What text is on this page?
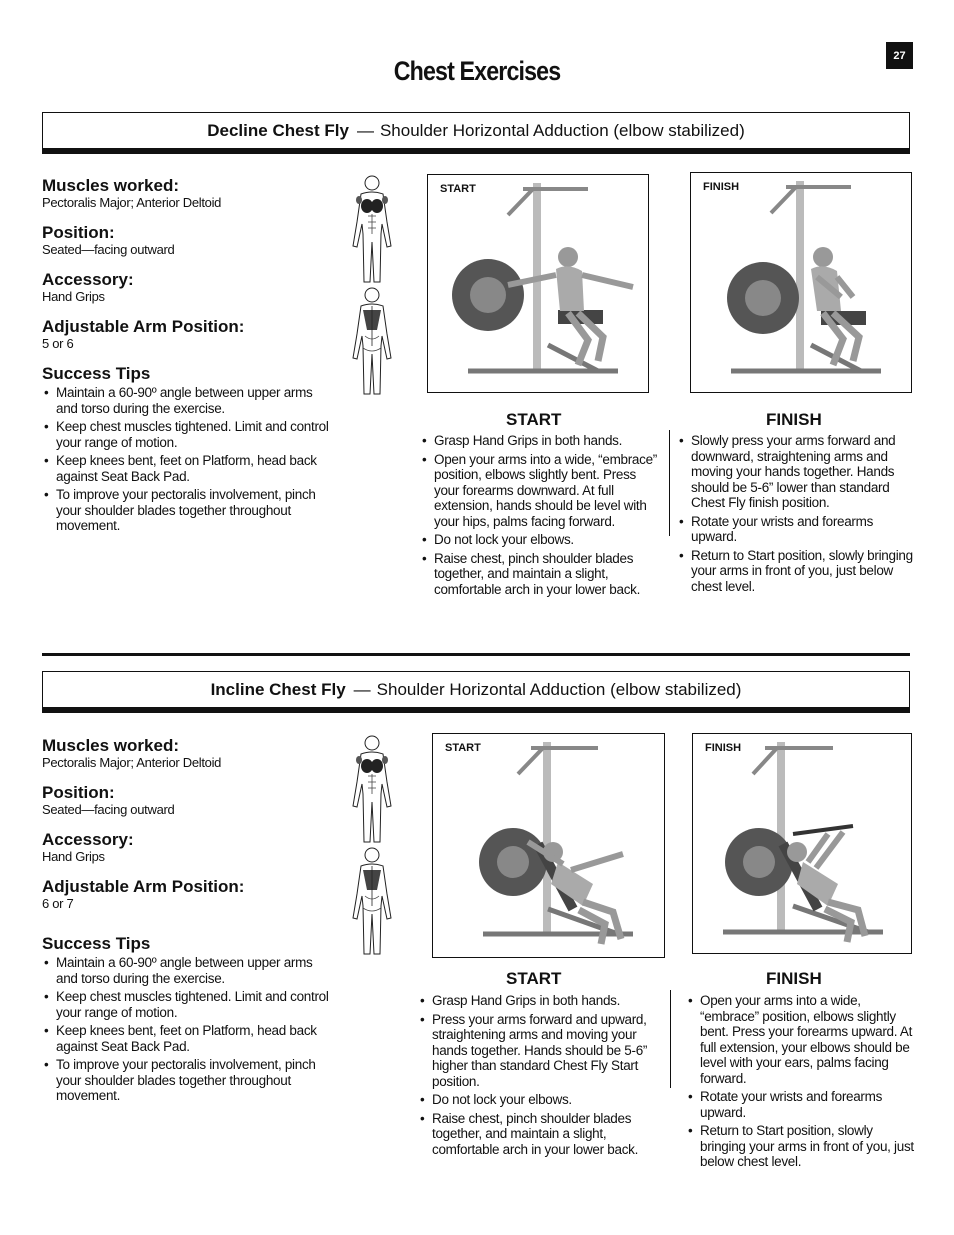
27
Chest Exercises
Decline Chest Fly — Shoulder Horizontal Adduction (elbow stabilized)
Muscles worked:
Pectoralis Major; Anterior Deltoid
Position:
Seated—facing outward
Accessory:
Hand Grips
Adjustable Arm Position:
5 or 6
Success Tips
• Maintain a 60-90º angle between upper arms and torso during the exercise.
• Keep chest muscles tightened. Limit and control your range of motion.
• Keep knees bent, feet on Platform, head back against Seat Back Pad.
• To improve your pectoralis involvement, pinch your shoulder blades together throughout movement.
START	FINISH
START	FINISH
• Grasp Hand Grips in both hands.
• Open your arms into a wide, “embrace” position, elbows slightly bent. Press your forearms downward. At full extension, hands should be level with your hips, palms facing forward.
• Do not lock your elbows.
• Raise chest, pinch shoulder blades together, and maintain a slight, comfortable arch in your lower back.
• Slowly press your arms forward and downward, straightening arms and moving your hands together. Hands should be 5-6” lower than standard Chest Fly finish position.
• Rotate your wrists and forearms upward.
• Return to Start position, slowly bringing your arms in front of you, just below chest level.
Incline Chest Fly — Shoulder Horizontal Adduction (elbow stabilized)
Muscles worked:
Pectoralis Major; Anterior Deltoid
Position:
Seated—facing outward
Accessory:
Hand Grips
Adjustable Arm Position:
6 or 7
Success Tips
• Maintain a 60-90º angle between upper arms and torso during the exercise.
• Keep chest muscles tightened. Limit and control your range of motion.
• Keep knees bent, feet on Platform, head back against Seat Back Pad.
• To improve your pectoralis involvement, pinch your shoulder blades together throughout movement.
START	FINISH
START	FINISH
• Grasp Hand Grips in both hands.
• Press your arms forward and upward, straightening arms and moving your hands together. Hands should be 5-6” higher than standard Chest Fly Start position.
• Do not lock your elbows.
• Raise chest, pinch shoulder blades together, and maintain a slight, comfortable arch in your lower back.
• Open your arms into a wide, “embrace” position, elbows slightly bent. Press your forearms upward. At full extension, your elbows should be level with your ears, palms facing forward.
• Rotate your wrists and forearms upward.
• Return to Start position, slowly bringing your arms in front of you, just below chest level.
